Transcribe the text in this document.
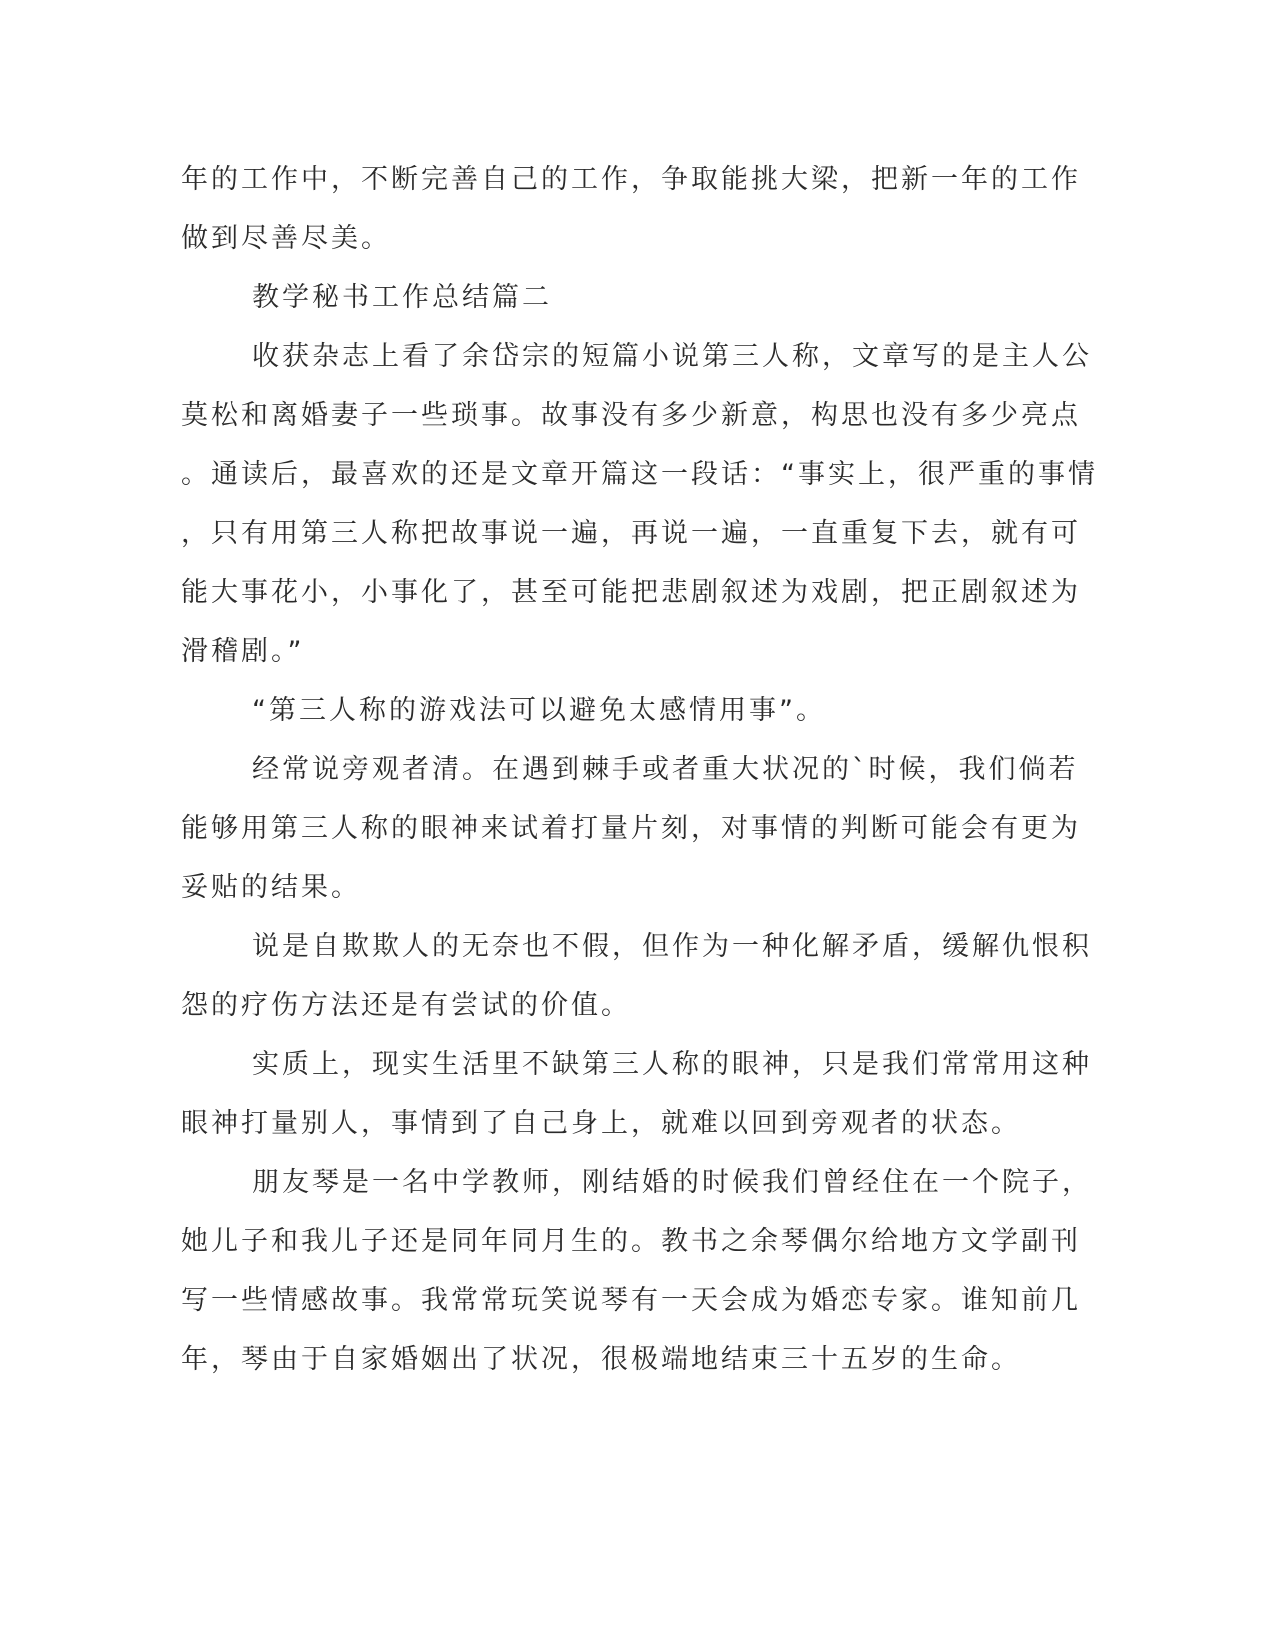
年的工作中，不断完善自己的工作，争取能挑大梁，把新一年的工作
做到尽善尽美。
教学秘书工作总结篇二
收获杂志上看了余岱宗的短篇小说第三人称，文章写的是主人公
莫松和离婚妻子一些琐事。故事没有多少新意，构思也没有多少亮点
。通读后，最喜欢的还是文章开篇这一段话：“事实上，很严重的事情
，只有用第三人称把故事说一遍，再说一遍，一直重复下去，就有可
能大事花小，小事化了，甚至可能把悲剧叙述为戏剧，把正剧叙述为
滑稽剧。”
“第三人称的游戏法可以避免太感情用事”。
经常说旁观者清。在遇到棘手或者重大状况的`时候，我们倘若
能够用第三人称的眼神来试着打量片刻，对事情的判断可能会有更为
妥贴的结果。
说是自欺欺人的无奈也不假，但作为一种化解矛盾，缓解仇恨积
怨的疗伤方法还是有尝试的价值。
实质上，现实生活里不缺第三人称的眼神，只是我们常常用这种
眼神打量别人，事情到了自己身上，就难以回到旁观者的状态。
朋友琴是一名中学教师，刚结婚的时候我们曾经住在一个院子，
她儿子和我儿子还是同年同月生的。教书之余琴偶尔给地方文学副刊
写一些情感故事。我常常玩笑说琴有一天会成为婚恋专家。谁知前几
年，琴由于自家婚姻出了状况，很极端地结束三十五岁的生命。
